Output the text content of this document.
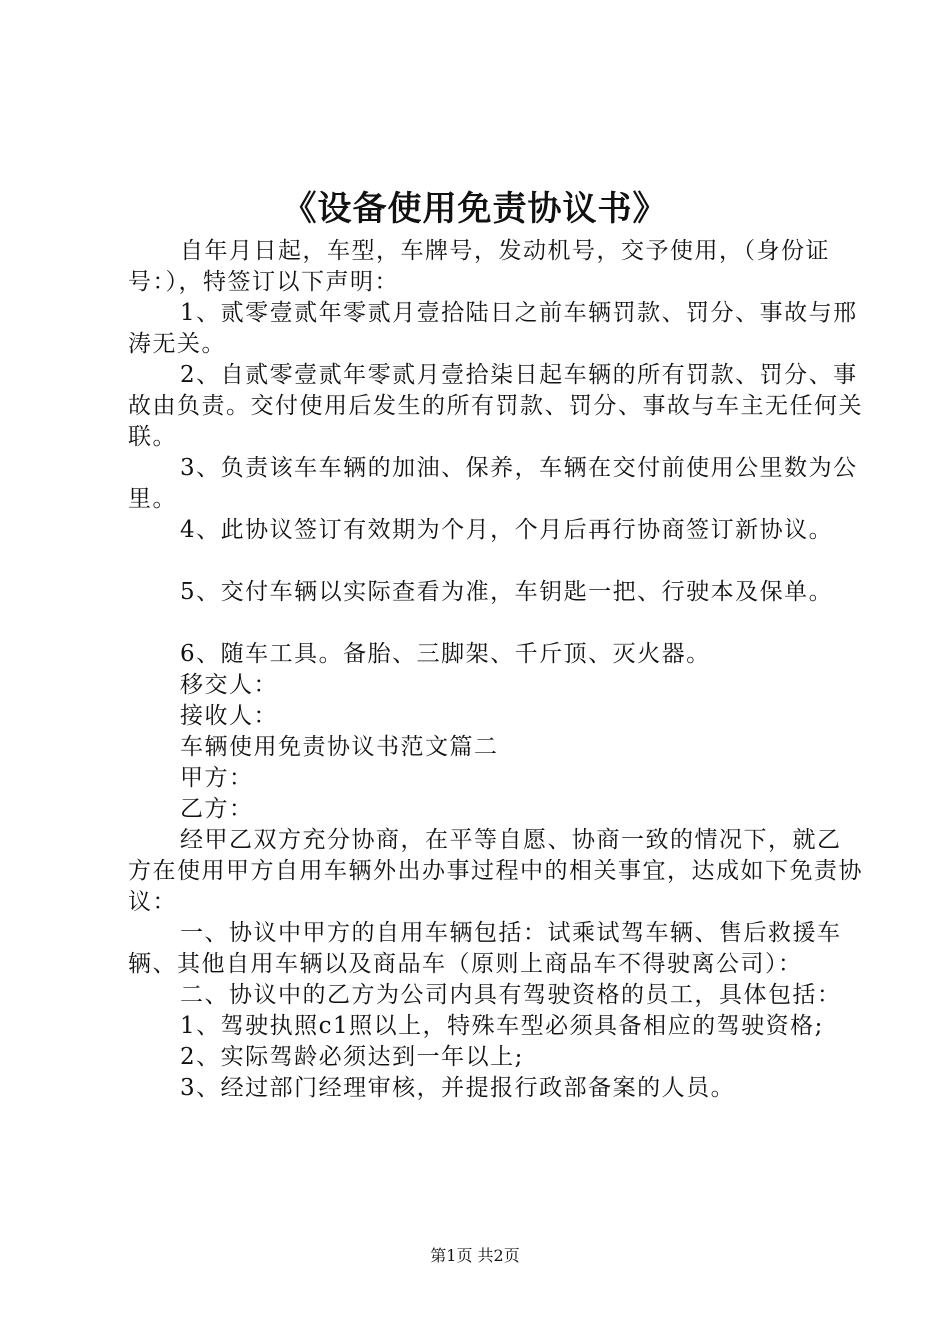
《设备使用免责协议书》

自年月日起，车型，车牌号，发动机号，交予使用，（身份证号：），特签订以下声明：

1、贰零壹贰年零贰月壹拾陆日之前车辆罚款、罚分、事故与邢涛无关。

2、自贰零壹贰年零贰月壹拾柒日起车辆的所有罚款、罚分、事故由负责。交付使用后发生的所有罚款、罚分、事故与车主无任何关联。

3、负责该车车辆的加油、保养，车辆在交付前使用公里数为公里。

4、此协议签订有效期为个月，个月后再行协商签订新协议。

5、交付车辆以实际查看为准，车钥匙一把、行驶本及保单。

6、随车工具。备胎、三脚架、千斤顶、灭火器。

移交人：

接收人：

车辆使用免责协议书范文篇二

甲方：

乙方：

经甲乙双方充分协商，在平等自愿、协商一致的情况下，就乙方在使用甲方自用车辆外出办事过程中的相关事宜，达成如下免责协议：

一、协议中甲方的自用车辆包括：试乘试驾车辆、售后救援车辆、其他自用车辆以及商品车（原则上商品车不得驶离公司）：

二、协议中的乙方为公司内具有驾驶资格的员工，具体包括：

1、驾驶执照c1照以上，特殊车型必须具备相应的驾驶资格;

2、实际驾龄必须达到一年以上;

3、经过部门经理审核，并提报行政部备案的人员。

第1页 共2页
